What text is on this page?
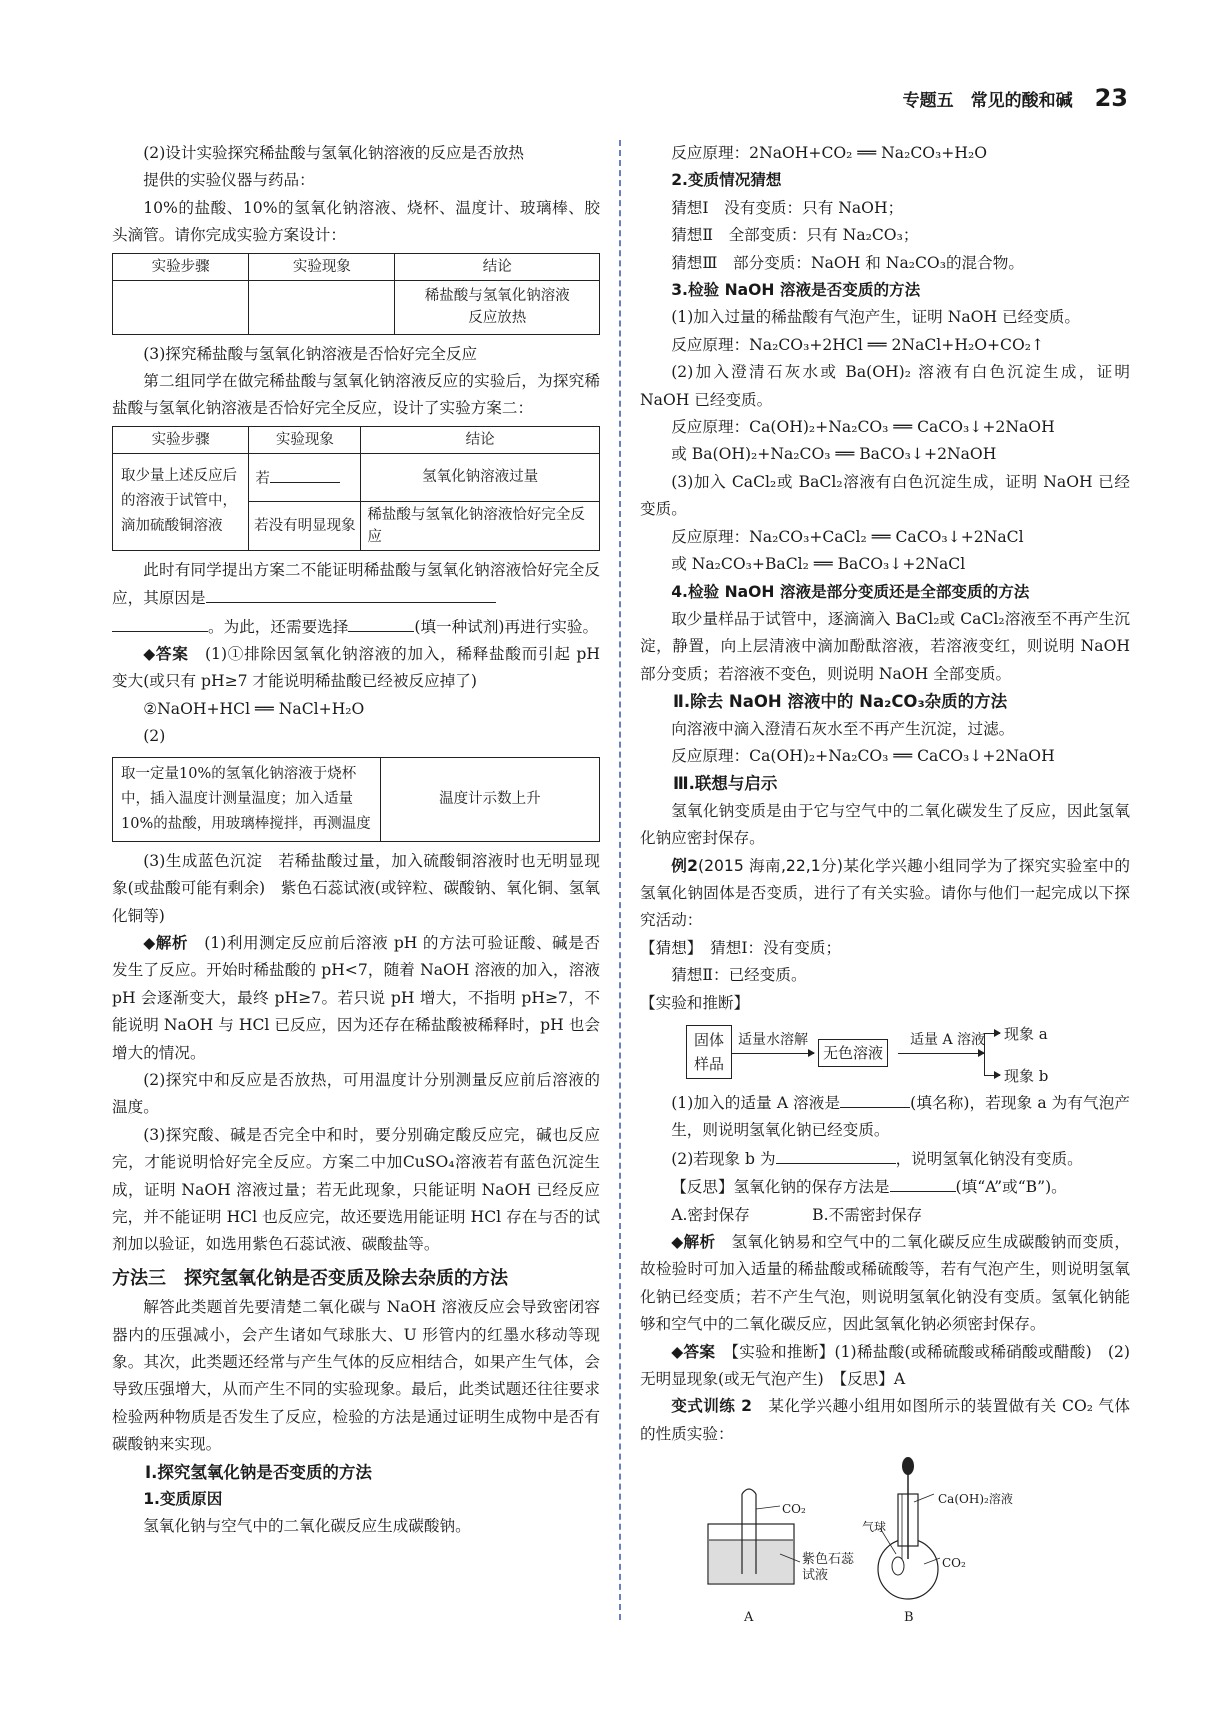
专题五　常见的酸和碱 23

(2)设计实验探究稀盐酸与氢氧化钠溶液的反应是否放热

提供的实验仪器与药品：

10%的盐酸、10%的氢氧化钠溶液、烧杯、温度计、玻璃棒、胶头滴管。请你完成实验方案设计：

实验步骤	实验现象	结论
		稀盐酸与氢氧化钠溶液反应放热

(3)探究稀盐酸与氢氧化钠溶液是否恰好完全反应

第二组同学在做完稀盐酸与氢氧化钠溶液反应的实验后，为探究稀盐酸与氢氧化钠溶液是否恰好完全反应，设计了实验方案二：

实验步骤	实验现象	结论
取少量上述反应后的溶液于试管中，滴加硫酸铜溶液	若	氢氧化钠溶液过量
	若没有明显现象	稀盐酸与氢氧化钠溶液恰好完全反应

此时有同学提出方案二不能证明稀盐酸与氢氧化钠溶液恰好完全反应，其原因是
。为此，还需要选择	(填一种试剂)再进行实验。

◆答案　 (1)①排除因氢氧化钠溶液的加入，稀释盐酸而引起 pH 变大(或只有 pH≥7 才能说明稀盐酸已经被反应掉了)

②NaOH+HCl ══ NaCl+H₂O

(2)

取一定量10%的氢氧化钠溶液于烧杯中，插入温度计测量温度；加入适量10%的盐酸，用玻璃棒搅拌，再测温度	温度计示数上升

(3)生成蓝色沉淀　若稀盐酸过量，加入硫酸铜溶液时也无明显现象(或盐酸可能有剩余)　紫色石蕊试液(或锌粒、碳酸钠、氧化铜、氢氧化铜等)

◆解析　 (1)利用测定反应前后溶液 pH 的方法可验证酸、碱是否发生了反应。开始时稀盐酸的 pH<7，随着 NaOH 溶液的加入，溶液 pH 会逐渐变大，最终 pH≥7。若只说 pH 增大，不指明 pH≥7，不能说明 NaOH 与 HCl 已反应，因为还存在稀盐酸被稀释时，pH 也会增大的情况。

(2)探究中和反应是否放热，可用温度计分别测量反应前后溶液的温度。

(3)探究酸、碱是否完全中和时，要分别确定酸反应完，碱也反应完，才能说明恰好完全反应。方案二中加CuSO₄溶液若有蓝色沉淀生成，证明 NaOH 溶液过量；若无此现象，只能证明 NaOH 已经反应完，并不能证明 HCl 也反应完，故还要选用能证明 HCl 存在与否的试剂加以验证，如选用紫色石蕊试液、碳酸盐等。

方法三　探究氢氧化钠是否变质及除去杂质的方法

解答此类题首先要清楚二氧化碳与 NaOH 溶液反应会导致密闭容器内的压强减小，会产生诸如气球胀大、U 形管内的红墨水移动等现象。其次，此类题还经常与产生气体的反应相结合，如果产生气体，会导致压强增大，从而产生不同的实验现象。最后，此类试题还往往要求检验两种物质是否发生了反应，检验的方法是通过证明生成物中是否有碳酸钠来实现。

Ⅰ.探究氢氧化钠是否变质的方法

1.变质原因

氢氧化钠与空气中的二氧化碳反应生成碳酸钠。

反应原理：2NaOH+CO₂ ══ Na₂CO₃+H₂O

2.变质情况猜想

猜想Ⅰ　没有变质：只有 NaOH；

猜想Ⅱ　全部变质：只有 Na₂CO₃；

猜想Ⅲ　部分变质：NaOH 和 Na₂CO₃的混合物。

3.检验 NaOH 溶液是否变质的方法

(1)加入过量的稀盐酸有气泡产生，证明 NaOH 已经变质。

反应原理：Na₂CO₃+2HCl ══ 2NaCl+H₂O+CO₂↑

(2)加入澄清石灰水或 Ba(OH)₂ 溶液有白色沉淀生成，证明 NaOH 已经变质。

反应原理：Ca(OH)₂+Na₂CO₃ ══ CaCO₃↓+2NaOH

或 Ba(OH)₂+Na₂CO₃ ══ BaCO₃↓+2NaOH

(3)加入 CaCl₂或 BaCl₂溶液有白色沉淀生成，证明 NaOH 已经变质。

反应原理：Na₂CO₃+CaCl₂ ══ CaCO₃↓+2NaCl

或 Na₂CO₃+BaCl₂ ══ BaCO₃↓+2NaCl

4.检验 NaOH 溶液是部分变质还是全部变质的方法

取少量样品于试管中，逐滴滴入 BaCl₂或 CaCl₂溶液至不再产生沉淀，静置，向上层清液中滴加酚酞溶液，若溶液变红，则说明 NaOH 部分变质；若溶液不变色，则说明 NaOH 全部变质。

Ⅱ.除去 NaOH 溶液中的 Na₂CO₃杂质的方法

向溶液中滴入澄清石灰水至不再产生沉淀，过滤。

反应原理：Ca(OH)₂+Na₂CO₃ ══ CaCO₃↓+2NaOH

Ⅲ.联想与启示

氢氧化钠变质是由于它与空气中的二氧化碳发生了反应，因此氢氧化钠应密封保存。

例2(2015 海南,22,1分)某化学兴趣小组同学为了探究实验室中的氢氧化钠固体是否变质，进行了有关实验。请你与他们一起完成以下探究活动：

【猜想】　猜想Ⅰ：没有变质；

猜想Ⅱ：已经变质。

【实验和推断】

固体
样品
适量水溶解
无色溶液
适量 A 溶液 现象 a
现象 b

(1)加入的适量 A 溶液是	(填名称)，若现象 a 为有气泡产生，则说明氢氧化钠已经变质。

(2)若现象 b 为	，说明氢氧化钠没有变质。

【反思】氢氧化钠的保存方法是	(填“A”或“B”)。

A.密封保存　　　　B.不需密封保存

◆解析　 氢氧化钠易和空气中的二氧化碳反应生成碳酸钠而变质，故检验时可加入适量的稀盐酸或稀硫酸等，若有气泡产生，则说明氢氧化钠已经变质；若不产生气泡，则说明氢氧化钠没有变质。氢氧化钠能够和空气中的二氧化碳反应，因此氢氧化钠必须密封保存。

◆答案　 【实验和推断】(1)稀盐酸(或稀硫酸或稀硝酸或醋酸)　(2)无明显现象(或无气泡产生)　【反思】A

变式训练 2　 某化学兴趣小组用如图所示的装置做有关 CO₂ 气体的性质实验：

CO₂
紫色石蕊
试液
A
Ca(OH)₂溶液
气球
CO₂
B
